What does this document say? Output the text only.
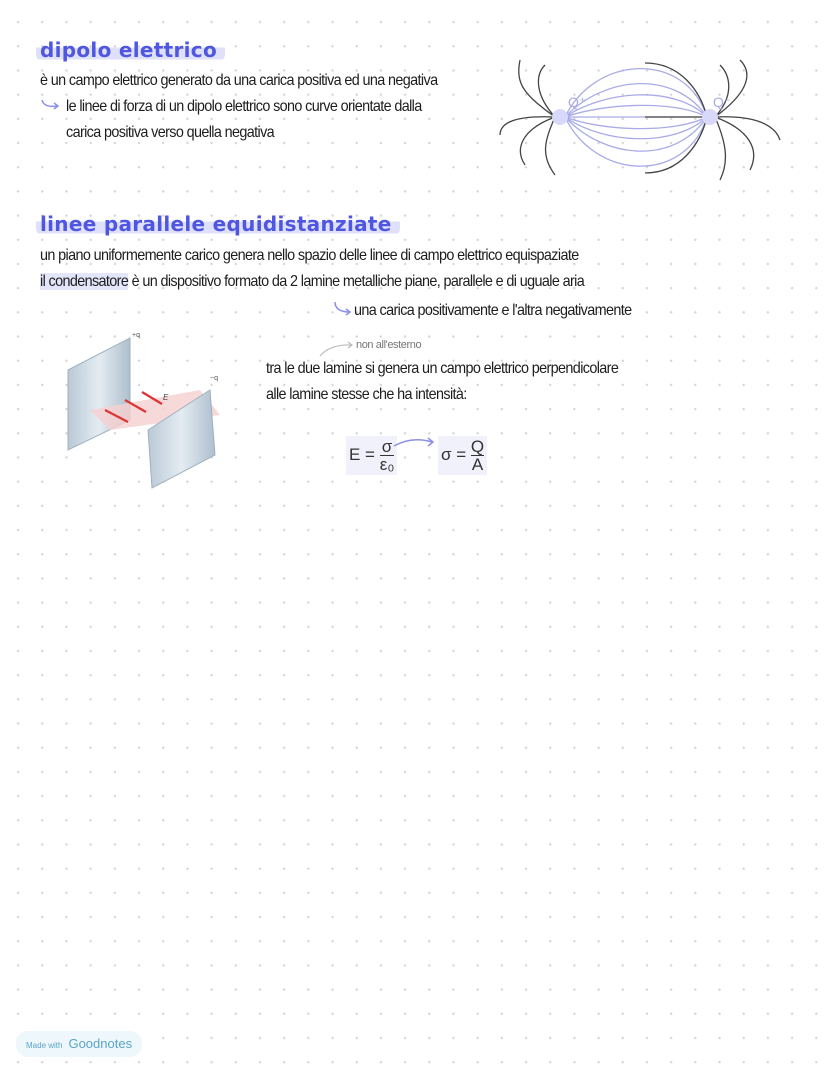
dipolo elettrico
è un campo elettrico generato da una carica positiva ed una negativa
le linee di forza di un dipolo elettrico sono curve orientate dalla
carica positiva verso quella negativa
Q⁺	Q⁻
linee parallele equidistanziate
un piano uniformemente carico genera nello spazio delle linee di campo elettrico equispaziate
il condensatore è un dispositivo formato da 2 lamine metalliche piane, parallele e di uguale aria
una carica positivamente e l'altra negativamente
non all'esterno
tra le due lamine si genera un campo elettrico perpendicolare
alle lamine stesse che ha intensità:
+q
−q
E
$E = \frac{\sigma}{\text{ε₀}}$	$\sigma = \frac{Q}{A}$
Made with Goodnotes
